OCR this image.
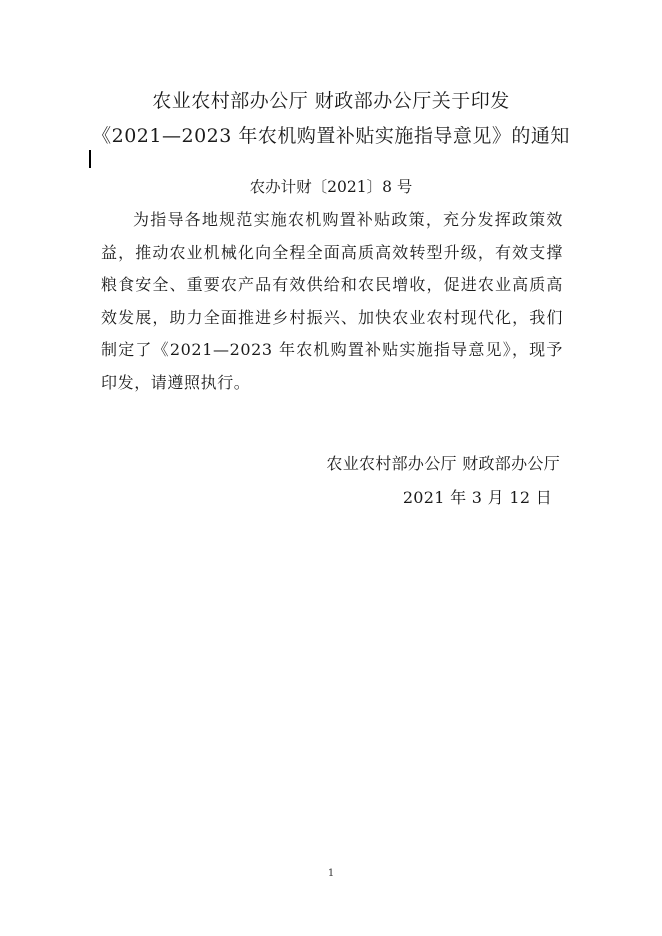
农业农村部办公厅 财政部办公厅关于印发
《2021—2023 年农机购置补贴实施指导意见》的通知
农办计财〔2021〕8 号
为指导各地规范实施农机购置补贴政策，充分发挥政策效益，推动农业机械化向全程全面高质高效转型升级，有效支撑粮食安全、重要农产品有效供给和农民增收，促进农业高质高效发展，助力全面推进乡村振兴、加快农业农村现代化，我们制定了《2021—2023 年农机购置补贴实施指导意见》，现予印发，请遵照执行。
农业农村部办公厅 财政部办公厅
2021 年 3 月 12 日
1
